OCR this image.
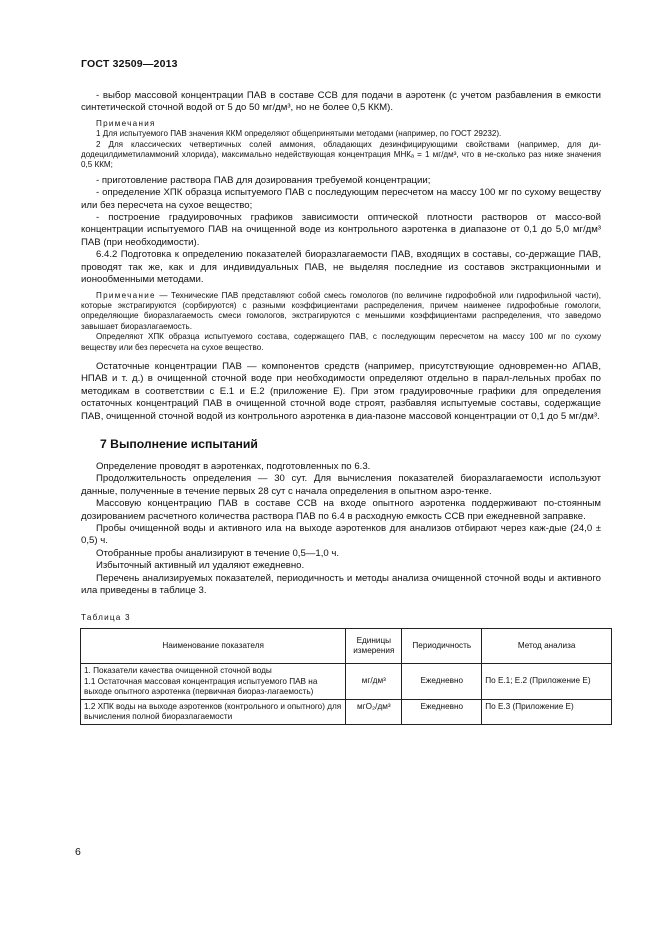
ГОСТ 32509—2013

- выбор массовой концентрации ПАВ в составе ССВ для подачи в аэротенк (с учетом разбавления в емкости синтетической сточной водой от 5 до 50 мг/дм³, но не более 0,5 ККМ).

Примечания

1 Для испытуемого ПАВ значения ККМ определяют общепринятыми методами (например, по ГОСТ 29232).

2 Для классических четвертичных солей аммония, обладающих дезинфицирующими свойствами (например, для ди-додецилдиметиламмоний хлорида), максимально недействующая концентрация МНКₐ = 1 мг/дм³, что в не-сколько раз ниже значения 0,5 ККМ;

- приготовление раствора ПАВ для дозирования требуемой концентрации;

- определение ХПК образца испытуемого ПАВ с последующим пересчетом на массу 100 мг по сухому веществу или без пересчета на сухое вещество;

- построение градуировочных графиков зависимости оптической плотности растворов от массо-вой концентрации испытуемого ПАВ на очищенной воде из контрольного аэротенка в диапазоне от 0,1 до 5,0 мг/дм³ ПАВ (при необходимости).

6.4.2 Подготовка к определению показателей биоразлагаемости ПАВ, входящих в составы, со-держащие ПАВ, проводят так же, как и для индивидуальных ПАВ, не выделяя последние из составов экстракционными и ионообменными методами.

Примечание — Технические ПАВ представляют собой смесь гомологов (по величине гидрофобной или гидрофильной части), которые экстрагируются (сорбируются) с разными коэффициентами распределения, причем наименее гидрофобные гомологи, определяющие биоразлагаемость смеси гомологов, экстрагируются с меньшими коэффициентами распределения, что заведомо завышает биоразлагаемость.

Определяют ХПК образца испытуемого состава, содержащего ПАВ, с последующим пересчетом на массу 100 мг по сухому веществу или без пересчета на сухое вещество.

Остаточные концентрации ПАВ — компонентов средств (например, присутствующие одновремен-но АПАВ, НПАВ и т. д.) в очищенной сточной воде при необходимости определяют отдельно в парал-лельных пробах по методикам в соответствии с Е.1 и Е.2 (приложение Е). При этом градуировочные графики для определения остаточных концентраций ПАВ в очищенной сточной воде строят, разбавляя испытуемые составы, содержащие ПАВ, очищенной сточной водой из контрольного аэротенка в диа-пазоне массовой концентрации от 0,1 до 5 мг/дм³.

7 Выполнение испытаний

Определение проводят в аэротенках, подготовленных по 6.3.

Продолжительность определения — 30 сут. Для вычисления показателей биоразлагаемости используют данные, полученные в течение первых 28 сут с начала определения в опытном аэро-тенке.

Массовую концентрацию ПАВ в составе ССВ на входе опытного аэротенка поддерживают по-стоянным дозированием расчетного количества раствора ПАВ по 6.4 в расходную емкость ССВ при ежедневной заправке.

Пробы очищенной воды и активного ила на выходе аэротенков для анализов отбирают через каж-дые (24,0 ± 0,5) ч.

Отобранные пробы анализируют в течение 0,5—1,0 ч.

Избыточный активный ил удаляют ежедневно.

Перечень анализируемых показателей, периодичность и методы анализа очищенной сточной воды и активного ила приведены в таблице 3.

Таблица 3
Наименование показателя	Единицы измерения	Периодичность	Метод анализа

1. Показатели качества очищенной сточной воды
1.1 Остаточная массовая концентрация испытуемого ПАВ на выходе опытного аэротенка (первичная биораз-лагаемость)	мг/дм³	Ежедневно	По Е.1; Е.2 (Приложение Е)
1.2 ХПК воды на выходе аэротенков (контрольного и опытного) для вычисления полной биоразлагаемости	мгО₂/дм³	Ежедневно	По Е.3 (Приложение Е)
6
